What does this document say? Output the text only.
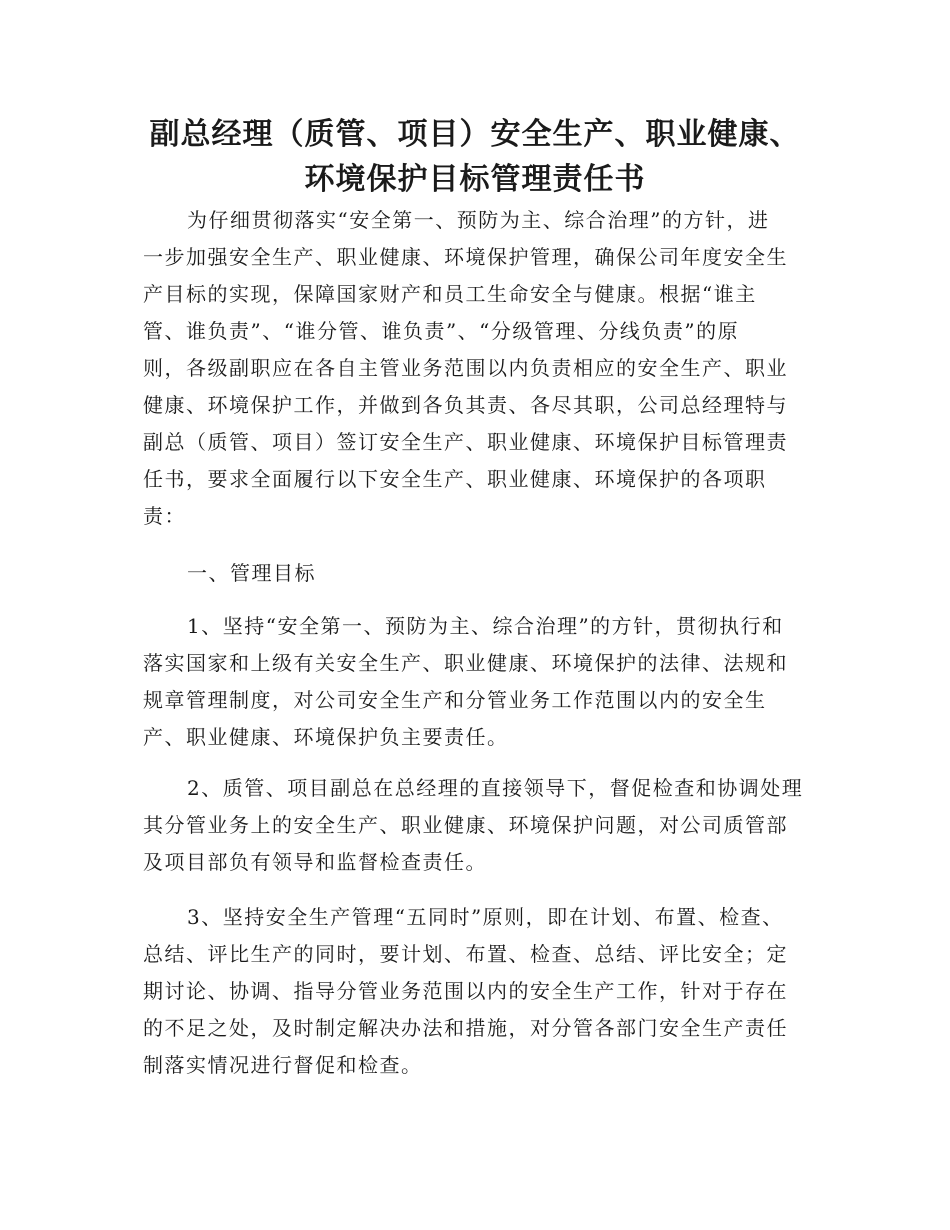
副总经理（质管、项目）安全生产、职业健康、
环境保护目标管理责任书
为仔细贯彻落实“安全第一、预防为主、综合治理”的方针，进
一步加强安全生产、职业健康、环境保护管理，确保公司年度安全生
产目标的实现，保障国家财产和员工生命安全与健康。根据“谁主
管、谁负责”、“谁分管、谁负责”、“分级管理、分线负责”的原
则，各级副职应在各自主管业务范围以内负责相应的安全生产、职业
健康、环境保护工作，并做到各负其责、各尽其职，公司总经理特与
副总（质管、项目）签订安全生产、职业健康、环境保护目标管理责
任书，要求全面履行以下安全生产、职业健康、环境保护的各项职
责：
一、管理目标
1、坚持“安全第一、预防为主、综合治理”的方针，贯彻执行和
落实国家和上级有关安全生产、职业健康、环境保护的法律、法规和
规章管理制度，对公司安全生产和分管业务工作范围以内的安全生
产、职业健康、环境保护负主要责任。
2、质管、项目副总在总经理的直接领导下，督促检查和协调处理
其分管业务上的安全生产、职业健康、环境保护问题，对公司质管部
及项目部负有领导和监督检查责任。
3、坚持安全生产管理“五同时”原则，即在计划、布置、检查、
总结、评比生产的同时，要计划、布置、检查、总结、评比安全；定
期讨论、协调、指导分管业务范围以内的安全生产工作，针对于存在
的不足之处，及时制定解决办法和措施，对分管各部门安全生产责任
制落实情况进行督促和检查。
